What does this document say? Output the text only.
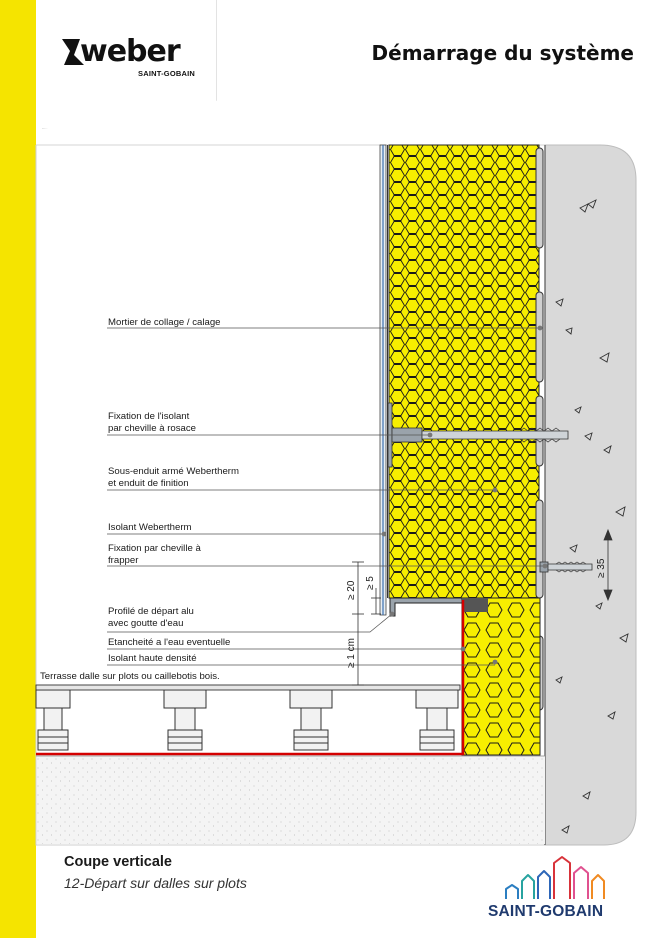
weber
SAINT-GOBAIN
Démarrage du système
Mortier de collage / calage
Fixation de l'isolant
par cheville à rosace
Sous-enduit armé Webertherm
et enduit de finition
Isolant Webertherm
Fixation par cheville à
frapper
Profilé de départ alu
avec goutte d'eau
Etancheité a l'eau eventuelle
Isolant haute densité
Terrasse dalle sur plots ou caillebotis bois.
≥ 20 ≥ 5
≥ 1 cm
≥ 35
Coupe verticale
12-Départ sur dalles sur plots
SAINT-GOBAIN
